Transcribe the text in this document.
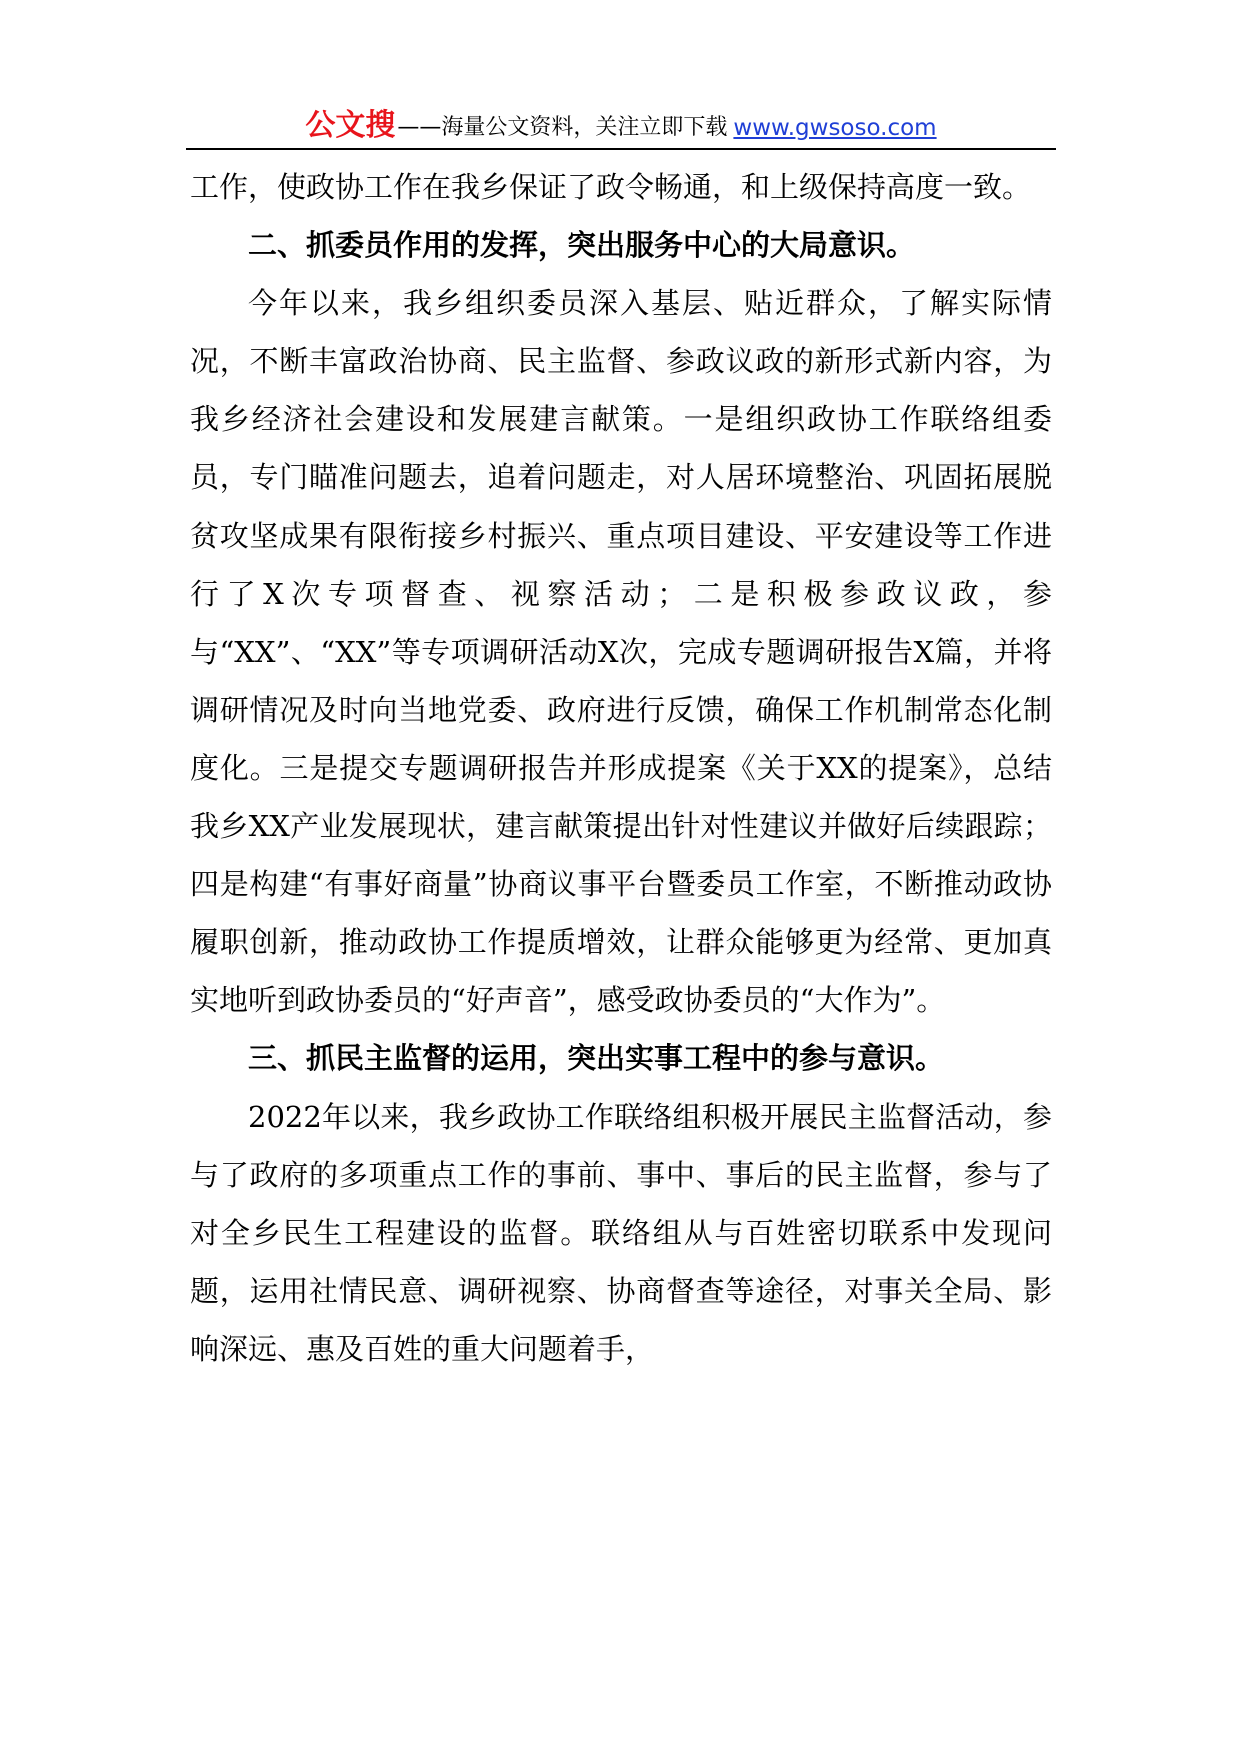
公文搜 ——海量公文资料，关注立即下载 www.gwsoso.com

工作，使政协工作在我乡保证了政令畅通，和上级保持高度一致。

二、抓委员作用的发挥，突出服务中心的大局意识。

今年以来，我乡组织委员深入基层、贴近群众，了解实际情况，不断丰富政治协商、民主监督、参政议政的新形式新内容，为我乡经济社会建设和发展建言献策。一是组织政协工作联络组委员，专门瞄准问题去，追着问题走，对人居环境整治、巩固拓展脱贫攻坚成果有限衔接乡村振兴、重点项目建设、平安建设等工作进行了X次专项督查、视察活动；二是积极参政议政，参与“XX”、“XX”等专项调研活动X次，完成专题调研报告X篇，并将调研情况及时向当地党委、政府进行反馈，确保工作机制常态化制度化。三是提交专题调研报告并形成提案《关于XX的提案》，总结我乡XX产业发展现状，建言献策提出针对性建议并做好后续跟踪；四是构建“有事好商量”协商议事平台暨委员工作室，不断推动政协履职创新，推动政协工作提质增效，让群众能够更为经常、更加真实地听到政协委员的“好声音”，感受政协委员的“大作为”。

三、抓民主监督的运用，突出实事工程中的参与意识。

2022年以来，我乡政协工作联络组积极开展民主监督活动，参与了政府的多项重点工作的事前、事中、事后的民主监督，参与了对全乡民生工程建设的监督。联络组从与百姓密切联系中发现问题，运用社情民意、调研视察、协商督查等途径，对事关全局、影响深远、惠及百姓的重大问题着手，
